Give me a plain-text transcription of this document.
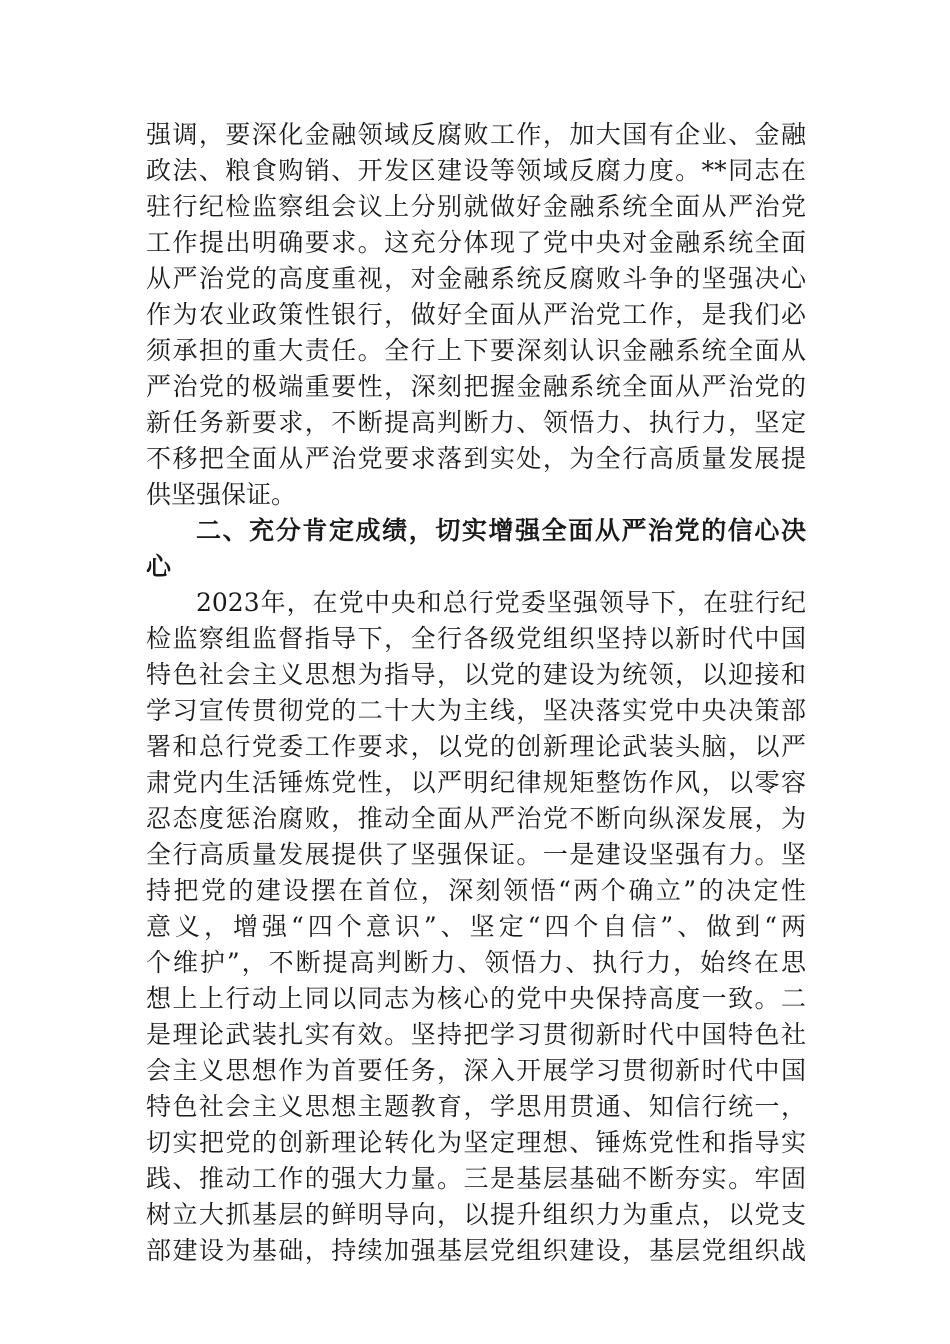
强调，要深化金融领域反腐败工作，加大国有企业、金融
政法、粮食购销、开发区建设等领域反腐力度。**同志在
驻行纪检监察组会议上分别就做好金融系统全面从严治党
工作提出明确要求。这充分体现了党中央对金融系统全面
从严治党的高度重视，对金融系统反腐败斗争的坚强决心
作为农业政策性银行，做好全面从严治党工作，是我们必
须承担的重大责任。全行上下要深刻认识金融系统全面从
严治党的极端重要性，深刻把握金融系统全面从严治党的
新任务新要求，不断提高判断力、领悟力、执行力，坚定
不移把全面从严治党要求落到实处，为全行高质量发展提
供坚强保证。
二、充分肯定成绩，切实增强全面从严治党的信心决
心
2023年，在党中央和总行党委坚强领导下，在驻行纪
检监察组监督指导下，全行各级党组织坚持以新时代中国
特色社会主义思想为指导，以党的建设为统领，以迎接和
学习宣传贯彻党的二十大为主线，坚决落实党中央决策部
署和总行党委工作要求，以党的创新理论武装头脑，以严
肃党内生活锤炼党性，以严明纪律规矩整饬作风，以零容
忍态度惩治腐败，推动全面从严治党不断向纵深发展，为
全行高质量发展提供了坚强保证。一是建设坚强有力。坚
持把党的建设摆在首位，深刻领悟“两个确立”的决定性
意义，增强“四个意识”、坚定“四个自信”、做到“两
个维护”，不断提高判断力、领悟力、执行力，始终在思
想上上行动上同以同志为核心的党中央保持高度一致。二
是理论武装扎实有效。坚持把学习贯彻新时代中国特色社
会主义思想作为首要任务，深入开展学习贯彻新时代中国
特色社会主义思想主题教育，学思用贯通、知信行统一，
切实把党的创新理论转化为坚定理想、锤炼党性和指导实
践、推动工作的强大力量。三是基层基础不断夯实。牢固
树立大抓基层的鲜明导向，以提升组织力为重点，以党支
部建设为基础，持续加强基层党组织建设，基层党组织战
